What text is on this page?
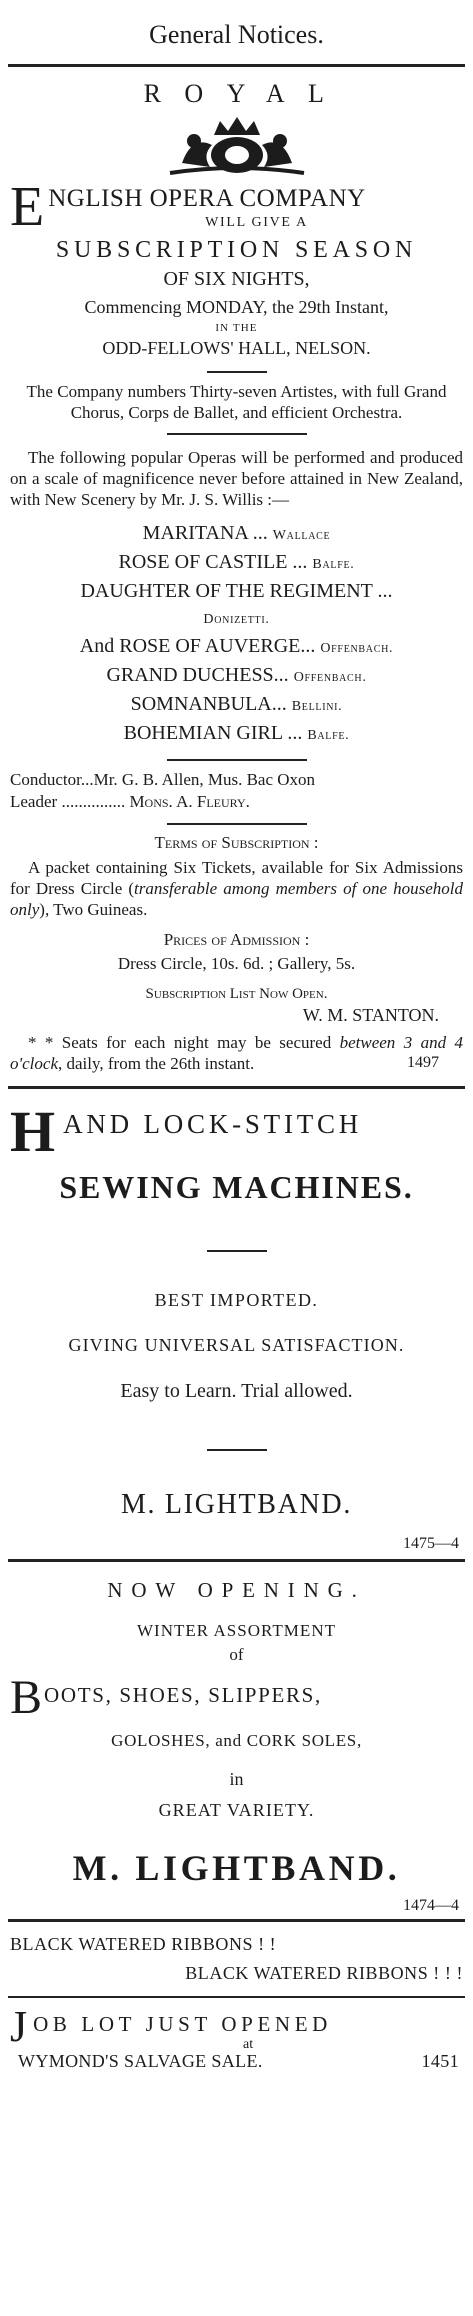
General Notices.
ROYAL
E NGLISH OPERA COMPANY
WILL GIVE A
SUBSCRIPTION SEASON
OF SIX NIGHTS,
Commencing MONDAY, the 29th Instant,
IN THE
ODD-FELLOWS' HALL, NELSON.

The Company numbers Thirty-seven Artistes, with full Grand Chorus, Corps de Ballet, and efficient Orchestra.

The following popular Operas will be performed and produced on a scale of magnificence never before attained in New Zealand, with New Scenery by Mr. J. S. Willis :—

MARITANA ... Wallace
ROSE OF CASTILE ... Balfe.
DAUGHTER OF THE REGIMENT ...
Donizetti.
And ROSE OF AUVERGE... Offenbach.
GRAND DUCHESS... Offenbach.
SOMNANBULA... Bellini.
BOHEMIAN GIRL ... Balfe.
Conductor...Mr. G. B. Allen, Mus. Bac Oxon
Leader ............... Mons. A. Fleury.
Terms of Subscription :

A packet containing Six Tickets, available for Six Admissions for Dress Circle (transferable among members of one household only), Two Guineas.

Prices of Admission :
Dress Circle, 10s. 6d. ; Gallery, 5s.
Subscription List Now Open.
W. M. STANTON.

* * Seats for each night may be secured between 3 and 4 o'clock, daily, from the 26th instant.	1497
H AND LOCK-STITCH
SEWING MACHINES.
BEST IMPORTED.
GIVING UNIVERSAL SATISFACTION.
Easy to Learn. Trial allowed.
M. LIGHTBAND.
1475—4
NOW OPENING.
WINTER ASSORTMENT
of
B OOTS, SHOES, SLIPPERS,
GOLOSHES, and CORK SOLES,
in
GREAT VARIETY.
M. LIGHTBAND.
1474—4
BLACK WATERED RIBBONS ! !
BLACK WATERED RIBBONS ! ! !
J OB LOT JUST OPENED
at
WYMOND'S SALVAGE SALE.	1451
